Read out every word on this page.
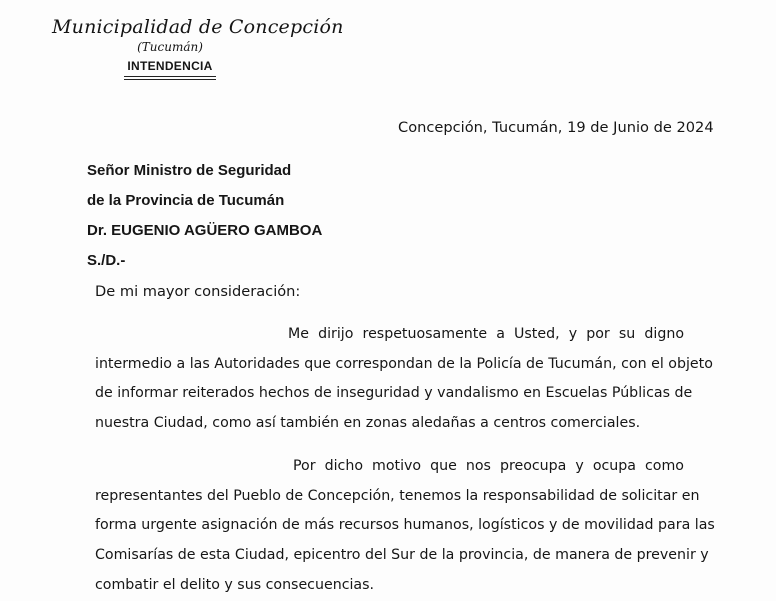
Municipalidad de Concepción
(Tucumán)
INTENDENCIA
Concepción, Tucumán, 19 de Junio de 2024
Señor Ministro de Seguridad
de la Provincia de Tucumán
Dr. EUGENIO AGÜERO GAMBOA
S./D.-
De mi mayor consideración:
Me dirijo respetuosamente a Usted, y por su digno
intermedio a las Autoridades que correspondan de la Policía de Tucumán, con el objeto
de informar reiterados hechos de inseguridad y vandalismo en Escuelas Públicas de
nuestra Ciudad, como así también en zonas aledañas a centros comerciales.
Por dicho motivo que nos preocupa y ocupa como
representantes del Pueblo de Concepción, tenemos la responsabilidad de solicitar en
forma urgente asignación de más recursos humanos, logísticos y de movilidad para las
Comisarías de esta Ciudad, epicentro del Sur de la provincia, de manera de prevenir y
combatir el delito y sus consecuencias.
